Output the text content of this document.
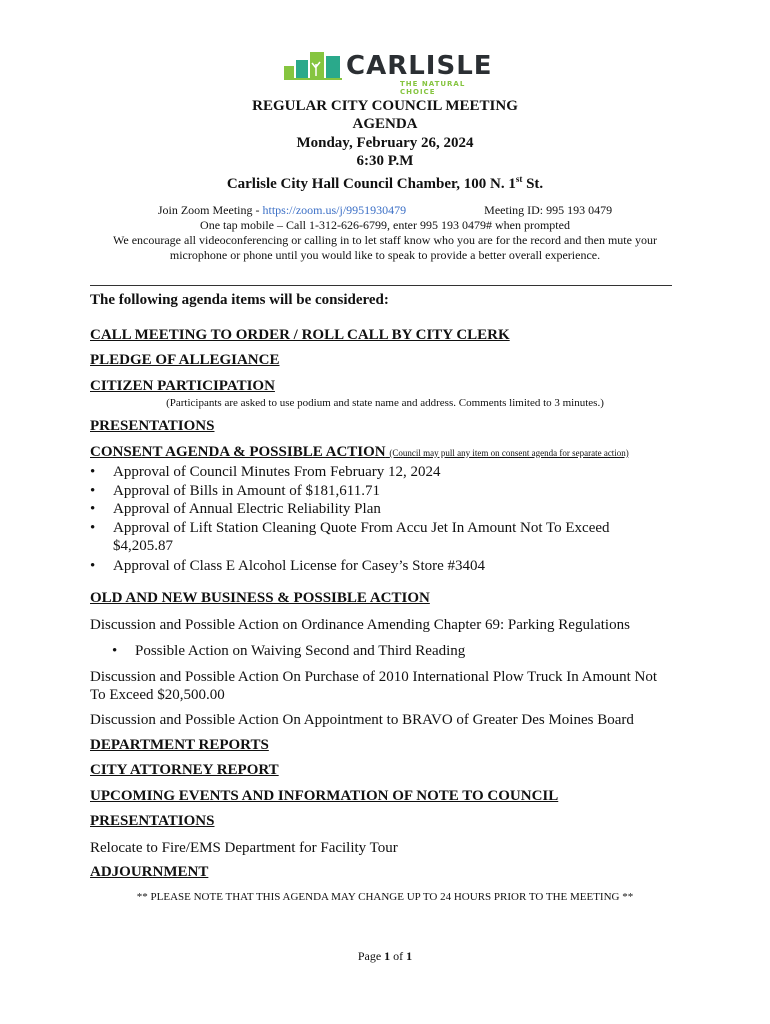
CARLISLE
THE NATURAL CHOICE
REGULAR CITY COUNCIL MEETING
AGENDA
Monday, February 26, 2024
6:30 P.M
Carlisle City Hall Council Chamber, 100 N. 1st St.
Join Zoom Meeting - https://zoom.us/j/9951930479	Meeting ID: 995 193 0479
One tap mobile – Call 1-312-626-6799, enter 995 193 0479# when prompted
We encourage all videoconferencing or calling in to let staff know who you are for the record and then mute your
microphone or phone until you would like to speak to provide a better overall experience.
The following agenda items will be considered:
CALL MEETING TO ORDER / ROLL CALL BY CITY CLERK
PLEDGE OF ALLEGIANCE
CITIZEN PARTICIPATION
(Participants are asked to use podium and state name and address. Comments limited to 3 minutes.)
PRESENTATIONS
CONSENT AGENDA & POSSIBLE ACTION (Council may pull any item on consent agenda for separate action)
• Approval of Council Minutes From February 12, 2024
• Approval of Bills in Amount of $181,611.71
• Approval of Annual Electric Reliability Plan
• Approval of Lift Station Cleaning Quote From Accu Jet In Amount Not To Exceed $4,205.87
• Approval of Class E Alcohol License for Casey’s Store #3404
OLD AND NEW BUSINESS & POSSIBLE ACTION
Discussion and Possible Action on Ordinance Amending Chapter 69: Parking Regulations
• Possible Action on Waiving Second and Third Reading
Discussion and Possible Action On Purchase of 2010 International Plow Truck In Amount Not To Exceed $20,500.00
Discussion and Possible Action On Appointment to BRAVO of Greater Des Moines Board
DEPARTMENT REPORTS
CITY ATTORNEY REPORT
UPCOMING EVENTS AND INFORMATION OF NOTE TO COUNCIL
PRESENTATIONS
Relocate to Fire/EMS Department for Facility Tour
ADJOURNMENT
** PLEASE NOTE THAT THIS AGENDA MAY CHANGE UP TO 24 HOURS PRIOR TO THE MEETING **
Page 1 of 1
